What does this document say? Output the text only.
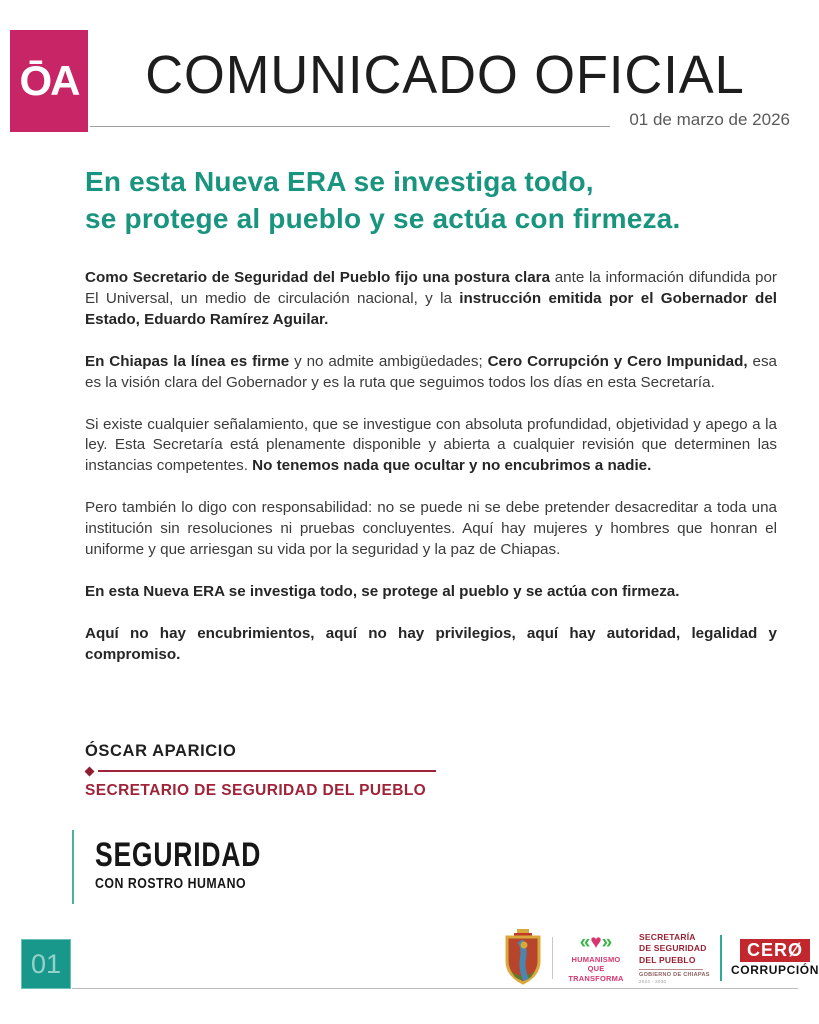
ŌA	COMUNICADO OFICIAL
01 de marzo de 2026
En esta Nueva ERA se investiga todo,
se protege al pueblo y se actúa con firmeza.

Como Secretario de Seguridad del Pueblo fijo una postura clara ante la información difundida por El Universal, un medio de circulación nacional, y la instrucción emitida por el Gobernador del Estado, Eduardo Ramírez Aguilar.

En Chiapas la línea es firme y no admite ambigüedades; Cero Corrupción y Cero Impunidad, esa es la visión clara del Gobernador y es la ruta que seguimos todos los días en esta Secretaría.

Si existe cualquier señalamiento, que se investigue con absoluta profundidad, objetividad y apego a la ley. Esta Secretaría está plenamente disponible y abierta a cualquier revisión que determinen las instancias competentes. No tenemos nada que ocultar y no encubrimos a nadie.

Pero también lo digo con responsabilidad: no se puede ni se debe pretender desacreditar a toda una institución sin resoluciones ni pruebas concluyentes. Aquí hay mujeres y hombres que honran el uniforme y que arriesgan su vida por la seguridad y la paz de Chiapas.

En esta Nueva ERA se investiga todo, se protege al pueblo y se actúa con firmeza.

Aquí no hay encubrimientos, aquí no hay privilegios, aquí hay autoridad, legalidad y compromiso.

ÓSCAR APARICIO
SECRETARIO DE SEGURIDAD DEL PUEBLO
SEGURIDAD
CON ROSTRO HUMANO
01
«♥»
HUMANISMO QUE
TRANSFORMA
SECRETARÍA
DE SEGURIDAD
DEL PUEBLO
GOBIERNO DE CHIAPAS
2024 - 2030
CERØ
CORRUPCIÓN
